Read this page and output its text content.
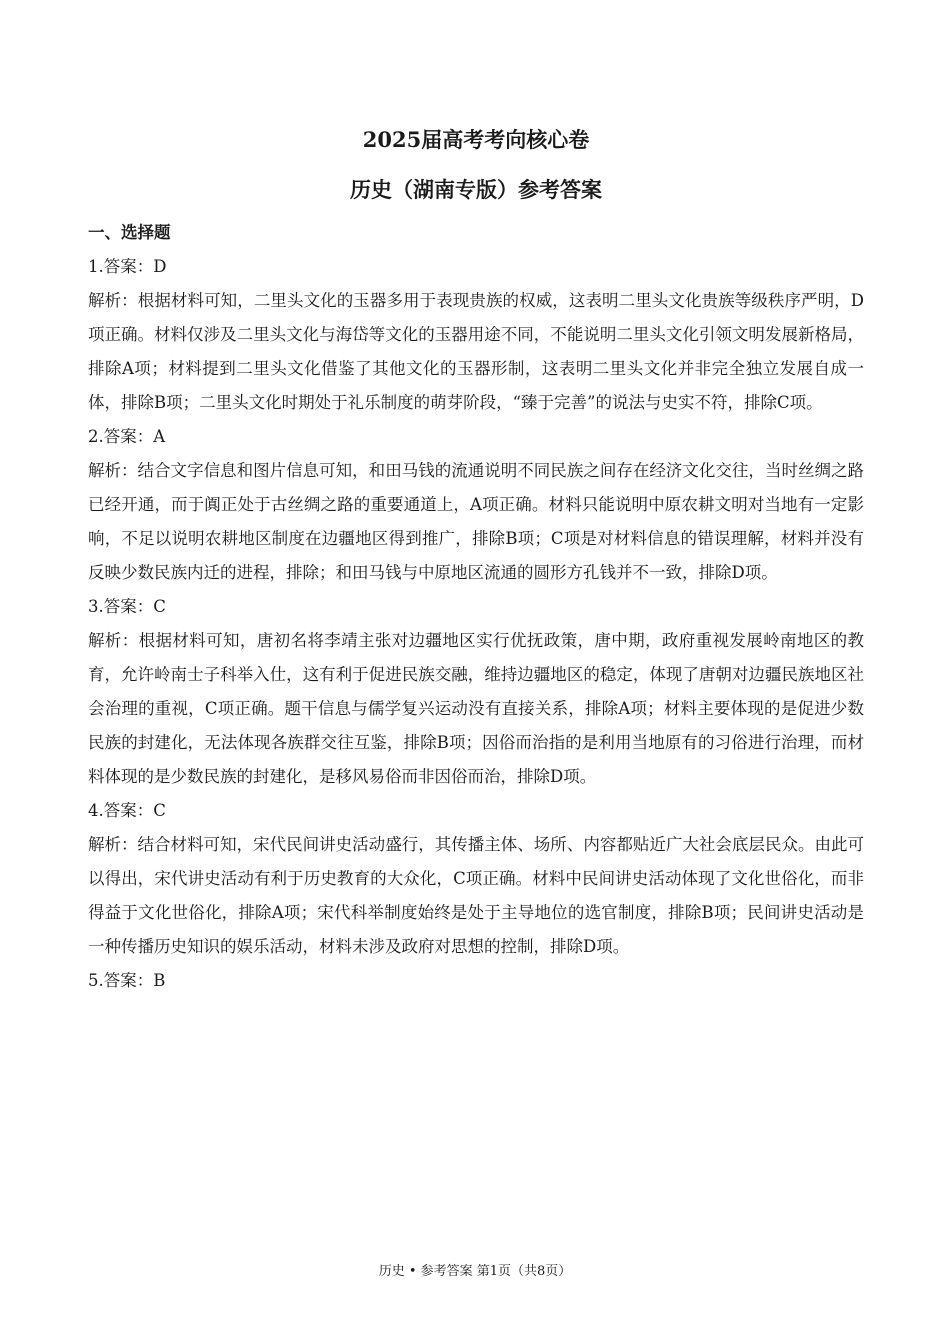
2025届高考考向核心卷
历史（湖南专版）参考答案
一、选择题

1.答案：D

解析：根据材料可知，二里头文化的玉器多用于表现贵族的权威，这表明二里头文化贵族等级秩序严明，D项正确。材料仅涉及二里头文化与海岱等文化的玉器用途不同，不能说明二里头文化引领文明发展新格局，排除A项；材料提到二里头文化借鉴了其他文化的玉器形制，这表明二里头文化并非完全独立发展自成一体，排除B项；二里头文化时期处于礼乐制度的萌芽阶段，“臻于完善”的说法与史实不符，排除C项。

2.答案：A

解析：结合文字信息和图片信息可知，和田马钱的流通说明不同民族之间存在经济文化交往，当时丝绸之路已经开通，而于阗正处于古丝绸之路的重要通道上，A项正确。材料只能说明中原农耕文明对当地有一定影响，不足以说明农耕地区制度在边疆地区得到推广，排除B项；C项是对材料信息的错误理解，材料并没有反映少数民族内迁的进程，排除；和田马钱与中原地区流通的圆形方孔钱并不一致，排除D项。

3.答案：C

解析：根据材料可知，唐初名将李靖主张对边疆地区实行优抚政策，唐中期，政府重视发展岭南地区的教育，允许岭南士子科举入仕，这有利于促进民族交融，维持边疆地区的稳定，体现了唐朝对边疆民族地区社会治理的重视，C项正确。题干信息与儒学复兴运动没有直接关系，排除A项；材料主要体现的是促进少数民族的封建化，无法体现各族群交往互鉴，排除B项；因俗而治指的是利用当地原有的习俗进行治理，而材料体现的是少数民族的封建化，是移风易俗而非因俗而治，排除D项。

4.答案：C

解析：结合材料可知，宋代民间讲史活动盛行，其传播主体、场所、内容都贴近广大社会底层民众。由此可以得出，宋代讲史活动有利于历史教育的大众化，C项正确。材料中民间讲史活动体现了文化世俗化，而非得益于文化世俗化，排除A项；宋代科举制度始终是处于主导地位的选官制度，排除B项；民间讲史活动是一种传播历史知识的娱乐活动，材料未涉及政府对思想的控制，排除D项。

5.答案：B

历史 • 参考答案 第1页（共8页）
